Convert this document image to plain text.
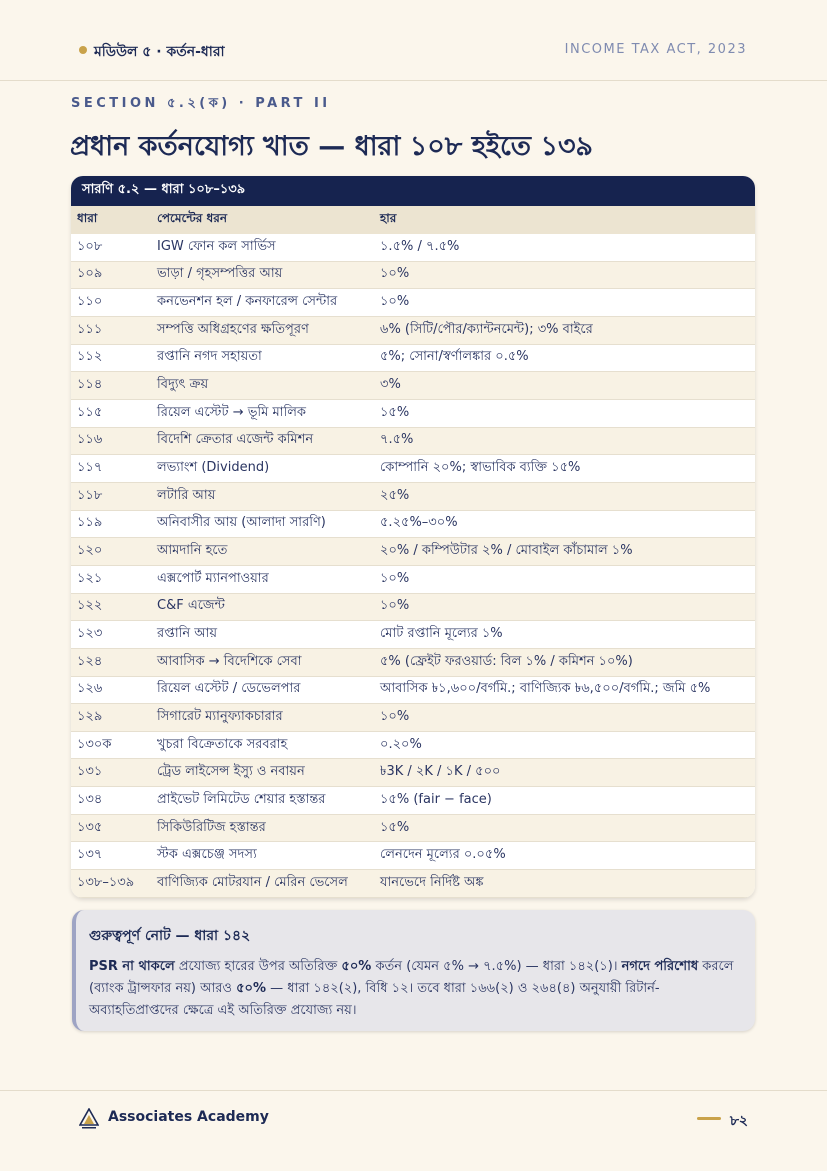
মডিউল ৫ · কর্তন-ধারা	INCOME TAX ACT, 2023
SECTION ৫.২(ক) · PART II
প্রধান কর্তনযোগ্য খাত — ধারা ১০৮ হইতে ১৩৯
সারণি ৫.২ — ধারা ১০৮–১৩৯
ধারা	পেমেন্টের ধরন	হার
১০৮	IGW ফোন কল সার্ভিস	১.৫% / ৭.৫%
১০৯	ভাড়া / গৃহসম্পত্তির আয়	১০%
১১০	কনভেনশন হল / কনফারেন্স সেন্টার	১০%
১১১	সম্পত্তি অধিগ্রহণের ক্ষতিপূরণ	৬% (সিটি/পৌর/ক্যান্টনমেন্ট); ৩% বাইরে
১১২	রপ্তানি নগদ সহায়তা	৫%; সোনা/স্বর্ণালঙ্কার ০.৫%
১১৪	বিদ্যুৎ ক্রয়	৩%
১১৫	রিয়েল এস্টেট → ভূমি মালিক	১৫%
১১৬	বিদেশি ক্রেতার এজেন্ট কমিশন	৭.৫%
১১৭	লভ্যাংশ (Dividend)	কোম্পানি ২০%; স্বাভাবিক ব্যক্তি ১৫%
১১৮	লটারি আয়	২৫%
১১৯	অনিবাসীর আয় (আলাদা সারণি)	৫.২৫%–৩০%
১২০	আমদানি হতে	২০% / কম্পিউটার ২% / মোবাইল কাঁচামাল ১%
১২১	এক্সপোর্ট ম্যানপাওয়ার	১০%
১২২	C&F এজেন্ট	১০%
১২৩	রপ্তানি আয়	মোট রপ্তানি মূল্যের ১%
১২৪	আবাসিক → বিদেশিকে সেবা	৫% (ফ্রেইট ফরওয়ার্ড: বিল ১% / কমিশন ১০%)
১২৬	রিয়েল এস্টেট / ডেভেলপার	আবাসিক ৳১,৬০০/বর্গমি.; বাণিজ্যিক ৳৬,৫০০/বর্গমি.; জমি ৫%
১২৯	সিগারেট ম্যানুফ্যাকচারার	১০%
১৩০ক	খুচরা বিক্রেতাকে সরবরাহ	০.২০%
১৩১	ট্রেড লাইসেন্স ইস্যু ও নবায়ন	৳3K / ২K / ১K / ৫০০
১৩৪	প্রাইভেট লিমিটেড শেয়ার হস্তান্তর	১৫% (fair − face)
১৩৫	সিকিউরিটিজ হস্তান্তর	১৫%
১৩৭	স্টক এক্সচেঞ্জ সদস্য	লেনদেন মূল্যের ০.০৫%
১৩৮–১৩৯	বাণিজ্যিক মোটরযান / মেরিন ভেসেল	যানভেদে নির্দিষ্ট অঙ্ক

গুরুত্বপূর্ণ নোট — ধারা ১৪২

PSR না থাকলে প্রযোজ্য হারের উপর অতিরিক্ত ৫০% কর্তন (যেমন ৫% → ৭.৫%) — ধারা ১৪২(১)। নগদে পরিশোধ করলে (ব্যাংক ট্রান্সফার নয়) আরও ৫০% — ধারা ১৪২(২), বিধি ১২। তবে ধারা ১৬৬(২) ও ২৬৪(৪) অনুযায়ী রিটার্ন-অব্যাহতিপ্রাপ্তদের ক্ষেত্রে এই অতিরিক্ত প্রযোজ্য নয়।

Associates Academy	৮২
